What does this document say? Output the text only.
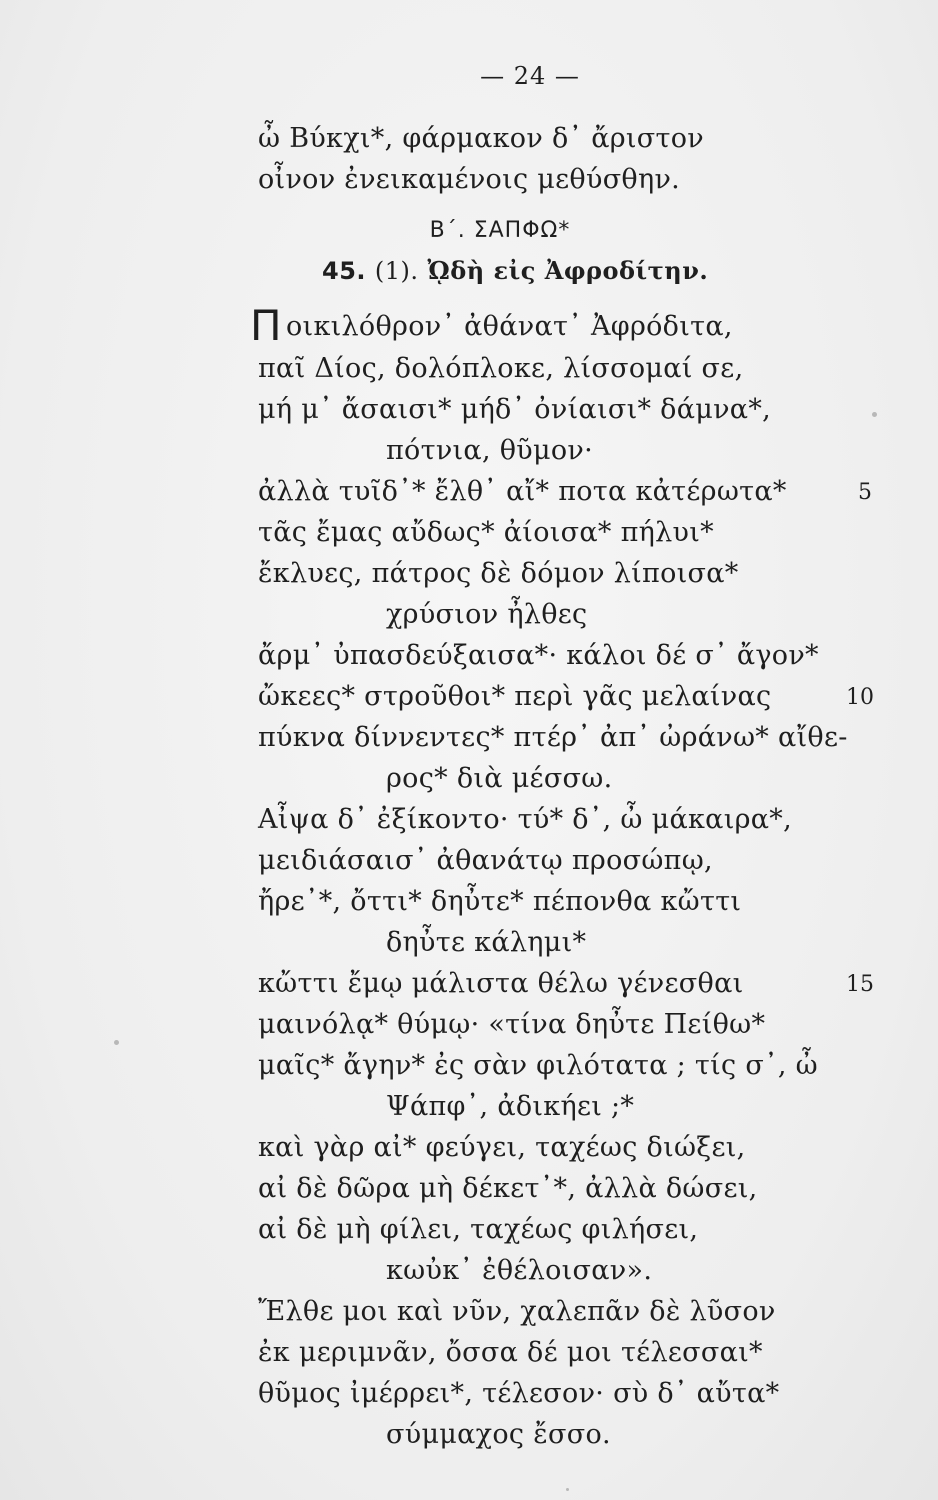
— 24 —
ὦ Βύκχι*, φάρμακον δ᾽ ἄριστον
οἶνον ἐνεικαμένοις μεθύσθην.
Β΄. ΣΑΠΦΩ*
45. (1). ᾨδὴ εἰς Ἀφροδίτην.
Π οικιλόθρον᾽ ἀθάνατ᾽ Ἀφρόδιτα,
παῖ Δίος, δολόπλοκε, λίσσομαί σε,
μή μ᾽ ἄσαισι* μήδ᾽ ὀνίαισι* δάμνα*,
πότνια, θῦμον·
ἀλλὰ τυῖδ᾽* ἔλθ᾽ αἴ* ποτα κἀτέρωτα*
τᾶς ἔμας αὔδως* ἀίοισα* πήλυι*
ἔκλυες, πάτρος δὲ δόμον λίποισα*
χρύσιον ἦλθες
ἄρμ᾽ ὐπασδεύξαισα*· κάλοι δέ σ᾽ ἄγον*
ὤκεες* στροῦθοι* περὶ γᾶς μελαίνας
πύκνα δίννεντες* πτέρ᾽ ἀπ᾽ ὠράνω* αἴθε-
ρος* διὰ μέσσω.
Αἶψα δ᾽ ἐξίκοντο· τύ* δ᾽, ὦ μάκαιρα*,
μειδιάσαισ᾽ ἀθανάτῳ προσώπῳ,
ἤρε᾽*, ὄττι* δηὖτε* πέπονθα κὤττι
δηὖτε κάλημι*
κὤττι ἔμῳ μάλιστα θέλω γένεσθαι
μαινόλᾳ* θύμῳ· «τίνα δηὖτε Πείθω*
μαῖς* ἄγην* ἐς σὰν φιλότατα ; τίς σ᾽, ὦ
Ψάπφ᾽, ἀδικήει ;*
καὶ γὰρ αἰ* φεύγει, ταχέως διώξει,
αἰ δὲ δῶρα μὴ δέκετ᾽*, ἀλλὰ δώσει,
αἰ δὲ μὴ φίλει, ταχέως φιλήσει,
κωὐκ᾽ ἐθέλοισαν».
Ἔλθε μοι καὶ νῦν, χαλεπᾶν δὲ λῦσον
ἐκ μεριμνᾶν, ὄσσα δέ μοι τέλεσσαι*
θῦμος ἰμέρρει*, τέλεσον· σὺ δ᾽ αὔτα*
σύμμαχος ἔσσο.
5
10
15
